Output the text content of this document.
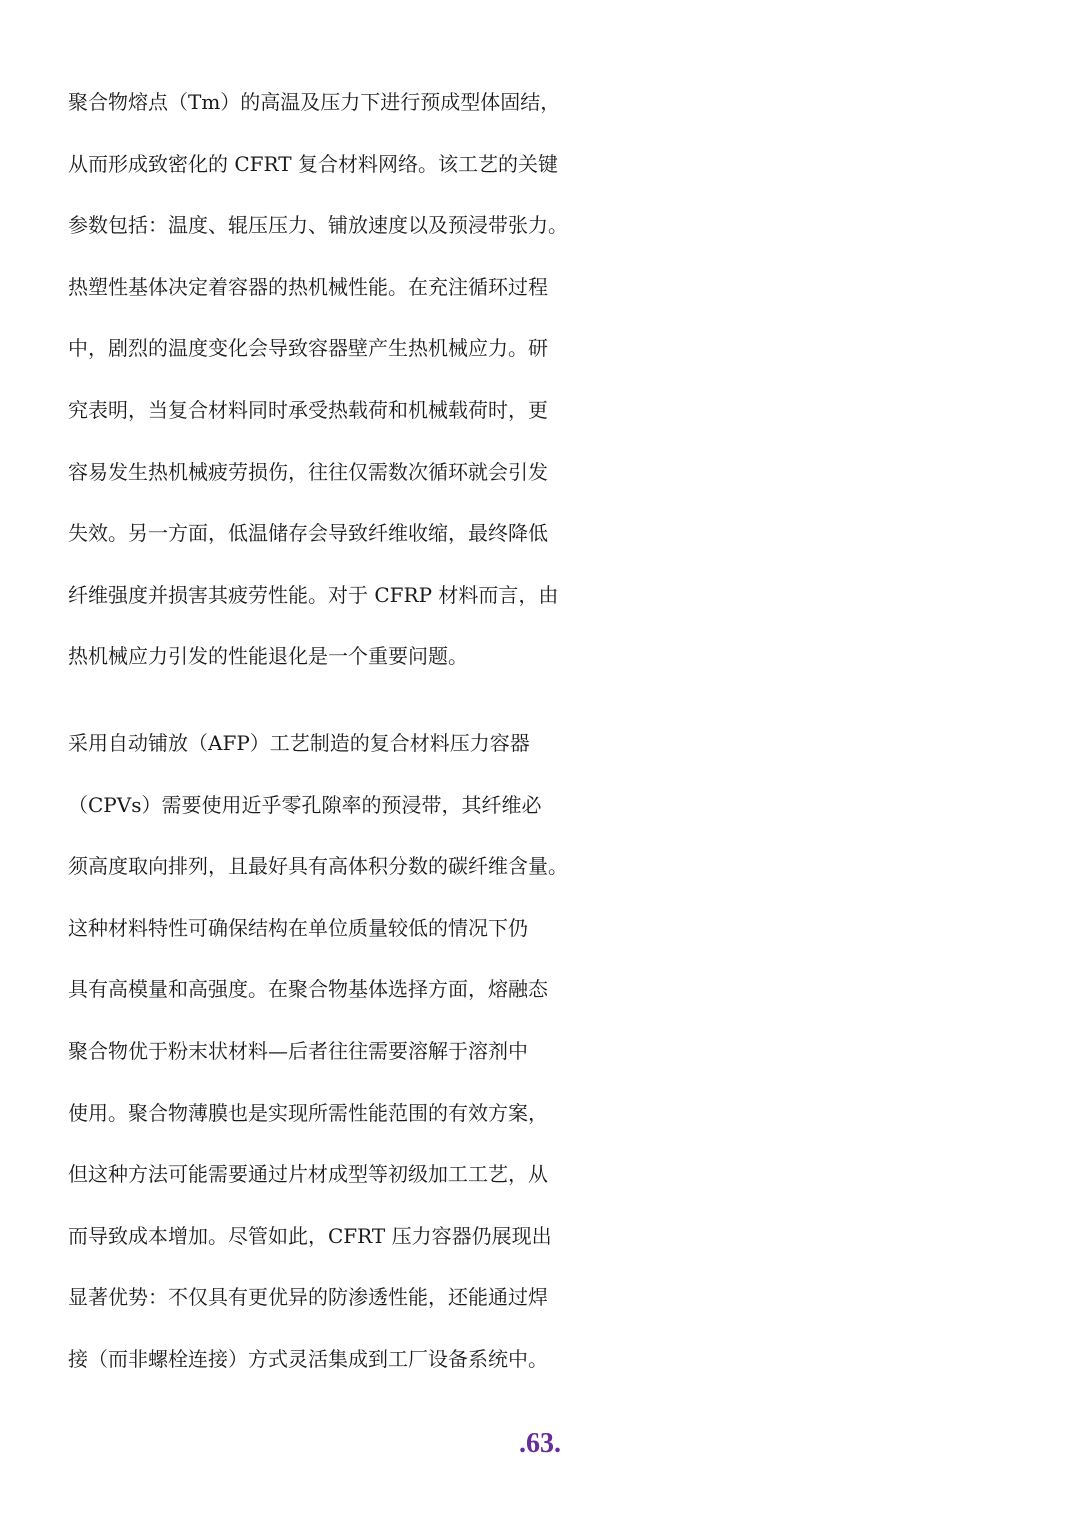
聚合物熔点（Tm）的高温及压力下进行预成型体固结，
从而形成致密化的 CFRT 复合材料网络。该工艺的关键
参数包括：温度、辊压压力、铺放速度以及预浸带张力。
热塑性基体决定着容器的热机械性能。在充注循环过程
中，剧烈的温度变化会导致容器壁产生热机械应力。研
究表明，当复合材料同时承受热载荷和机械载荷时，更
容易发生热机械疲劳损伤，往往仅需数次循环就会引发
失效。另一方面，低温储存会导致纤维收缩，最终降低
纤维强度并损害其疲劳性能。对于 CFRP 材料而言，由
热机械应力引发的性能退化是一个重要问题。
采用自动铺放（AFP）工艺制造的复合材料压力容器
（CPVs）需要使用近乎零孔隙率的预浸带，其纤维必
须高度取向排列，且最好具有高体积分数的碳纤维含量。
这种材料特性可确保结构在单位质量较低的情况下仍
具有高模量和高强度。在聚合物基体选择方面，熔融态
聚合物优于粉末状材料—后者往往需要溶解于溶剂中
使用。聚合物薄膜也是实现所需性能范围的有效方案，
但这种方法可能需要通过片材成型等初级加工工艺，从
而导致成本增加。尽管如此，CFRT 压力容器仍展现出
显著优势：不仅具有更优异的防渗透性能，还能通过焊
接（而非螺栓连接）方式灵活集成到工厂设备系统中。
.63.
